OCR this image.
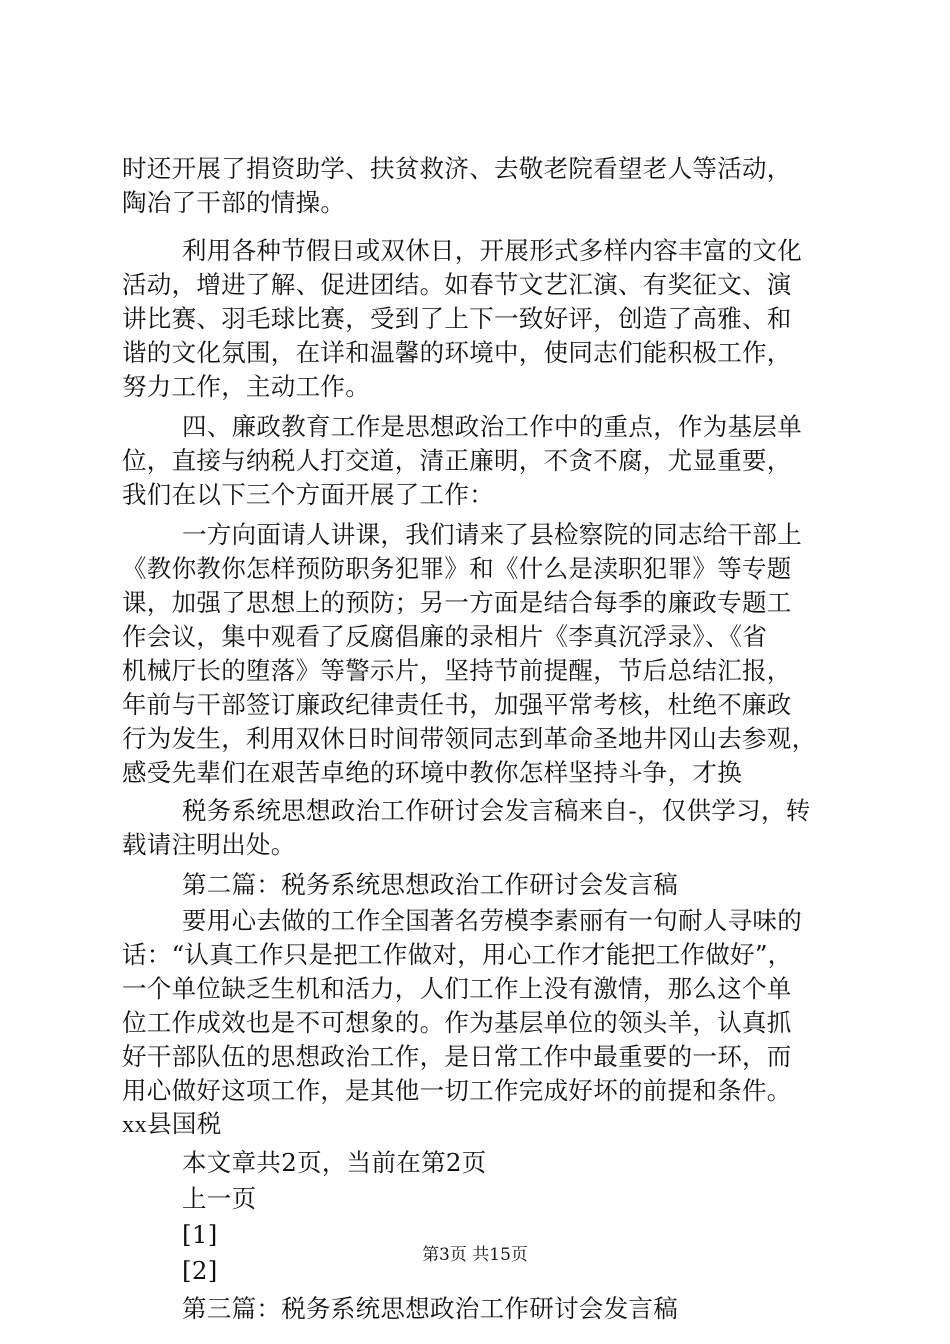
时还开展了捐资助学、扶贫救济、去敬老院看望老人等活动，
陶冶了干部的情操。
利用各种节假日或双休日，开展形式多样内容丰富的文化
活动，增进了解、促进团结。如春节文艺汇演、有奖征文、演
讲比赛、羽毛球比赛，受到了上下一致好评，创造了高雅、和
谐的文化氛围，在详和温馨的环境中，使同志们能积极工作，
努力工作，主动工作。
四、廉政教育工作是思想政治工作中的重点，作为基层单
位，直接与纳税人打交道，清正廉明，不贪不腐，尤显重要，
我们在以下三个方面开展了工作：
一方向面请人讲课，我们请来了县检察院的同志给干部上
《教你教你怎样预防职务犯罪》和《什么是渎职犯罪》等专题
课，加强了思想上的预防；另一方面是结合每季的廉政专题工
作会议，集中观看了反腐倡廉的录相片《李真沉浮录》、《省
机械厅长的堕落》等警示片，坚持节前提醒，节后总结汇报，
年前与干部签订廉政纪律责任书，加强平常考核，杜绝不廉政
行为发生，利用双休日时间带领同志到革命圣地井冈山去参观，
感受先辈们在艰苦卓绝的环境中教你怎样坚持斗争，才换
税务系统思想政治工作研讨会发言稿来自-，仅供学习，转
载请注明出处。
第二篇：税务系统思想政治工作研讨会发言稿
要用心去做的工作全国著名劳模李素丽有一句耐人寻味的
话：“认真工作只是把工作做对，用心工作才能把工作做好”，
一个单位缺乏生机和活力，人们工作上没有激情，那么这个单
位工作成效也是不可想象的。作为基层单位的领头羊，认真抓
好干部队伍的思想政治工作，是日常工作中最重要的一环，而
用心做好这项工作，是其他一切工作完成好坏的前提和条件。
xx县国税
本文章共2页，当前在第2页
上一页
[1]
[2]
第三篇：税务系统思想政治工作研讨会发言稿
第3页 共15页
